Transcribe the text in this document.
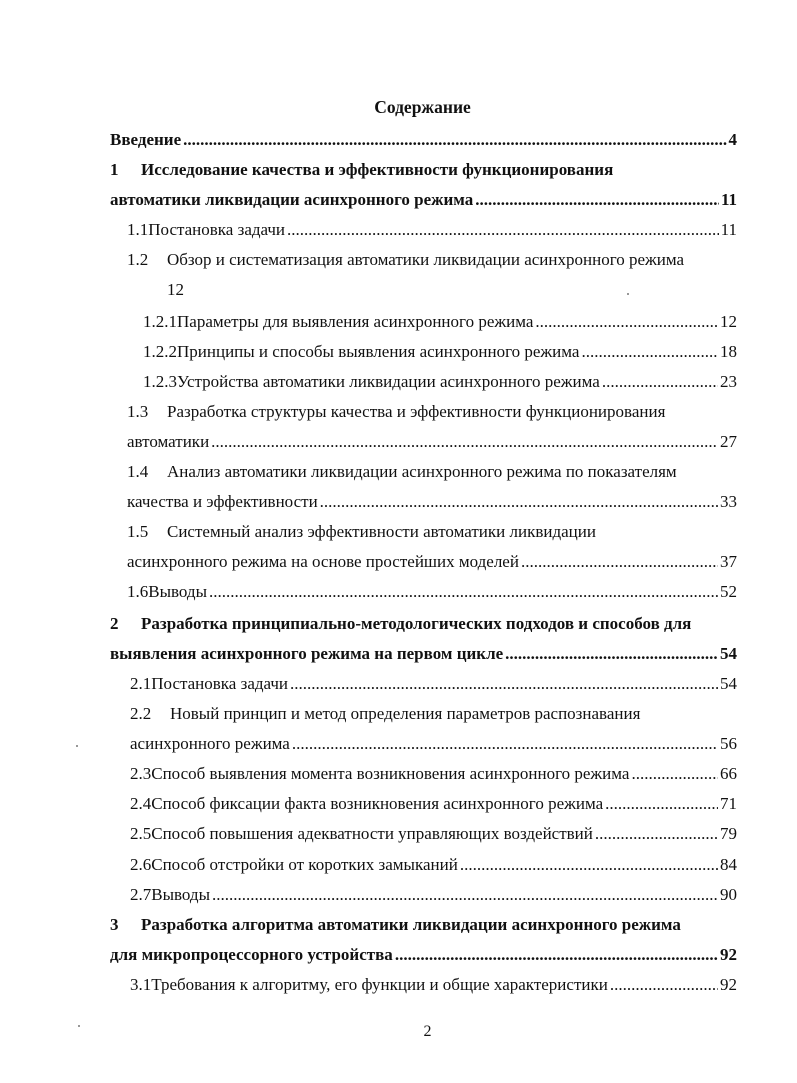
Содержание
Введение .....	4
1	Исследование качества и эффективности функционирования
автоматики ликвидации асинхронного режима .....	11
1.1 Постановка задачи .....	11
1.2	Обзор и систематизация автоматики ликвидации асинхронного режима
12
1.2.1 Параметры для выявления асинхронного режима .....	12
1.2.2 Принципы и способы выявления асинхронного режима .....	18
1.2.3 Устройства автоматики ликвидации асинхронного режима .....	23
1.3	Разработка структуры качества и эффективности функционирования
автоматики .....	27
1.4	Анализ автоматики ликвидации асинхронного режима по показателям
качества и эффективности .....	33
1.5	Системный анализ эффективности автоматики ликвидации
асинхронного режима на основе простейших моделей .....	37
1.6 Выводы .....	52
2	Разработка принципиально-методологических подходов и способов для
выявления асинхронного режима на первом цикле .....	54
2.1 Постановка задачи .....	54
2.2	Новый принцип и метод определения параметров распознавания
асинхронного режима .....	56
2.3 Способ выявления момента возникновения асинхронного режима .....	66
2.4 Способ фиксации факта возникновения асинхронного режима .....	71
2.5 Способ повышения адекватности управляющих воздействий .....	79
2.6 Способ отстройки от коротких замыканий .....	84
2.7 Выводы .....	90
3	Разработка алгоритма автоматики ликвидации асинхронного режима
для микропроцессорного устройства .....	92
3.1 Требования к алгоритму, его функции и общие характеристики .....	92
2
